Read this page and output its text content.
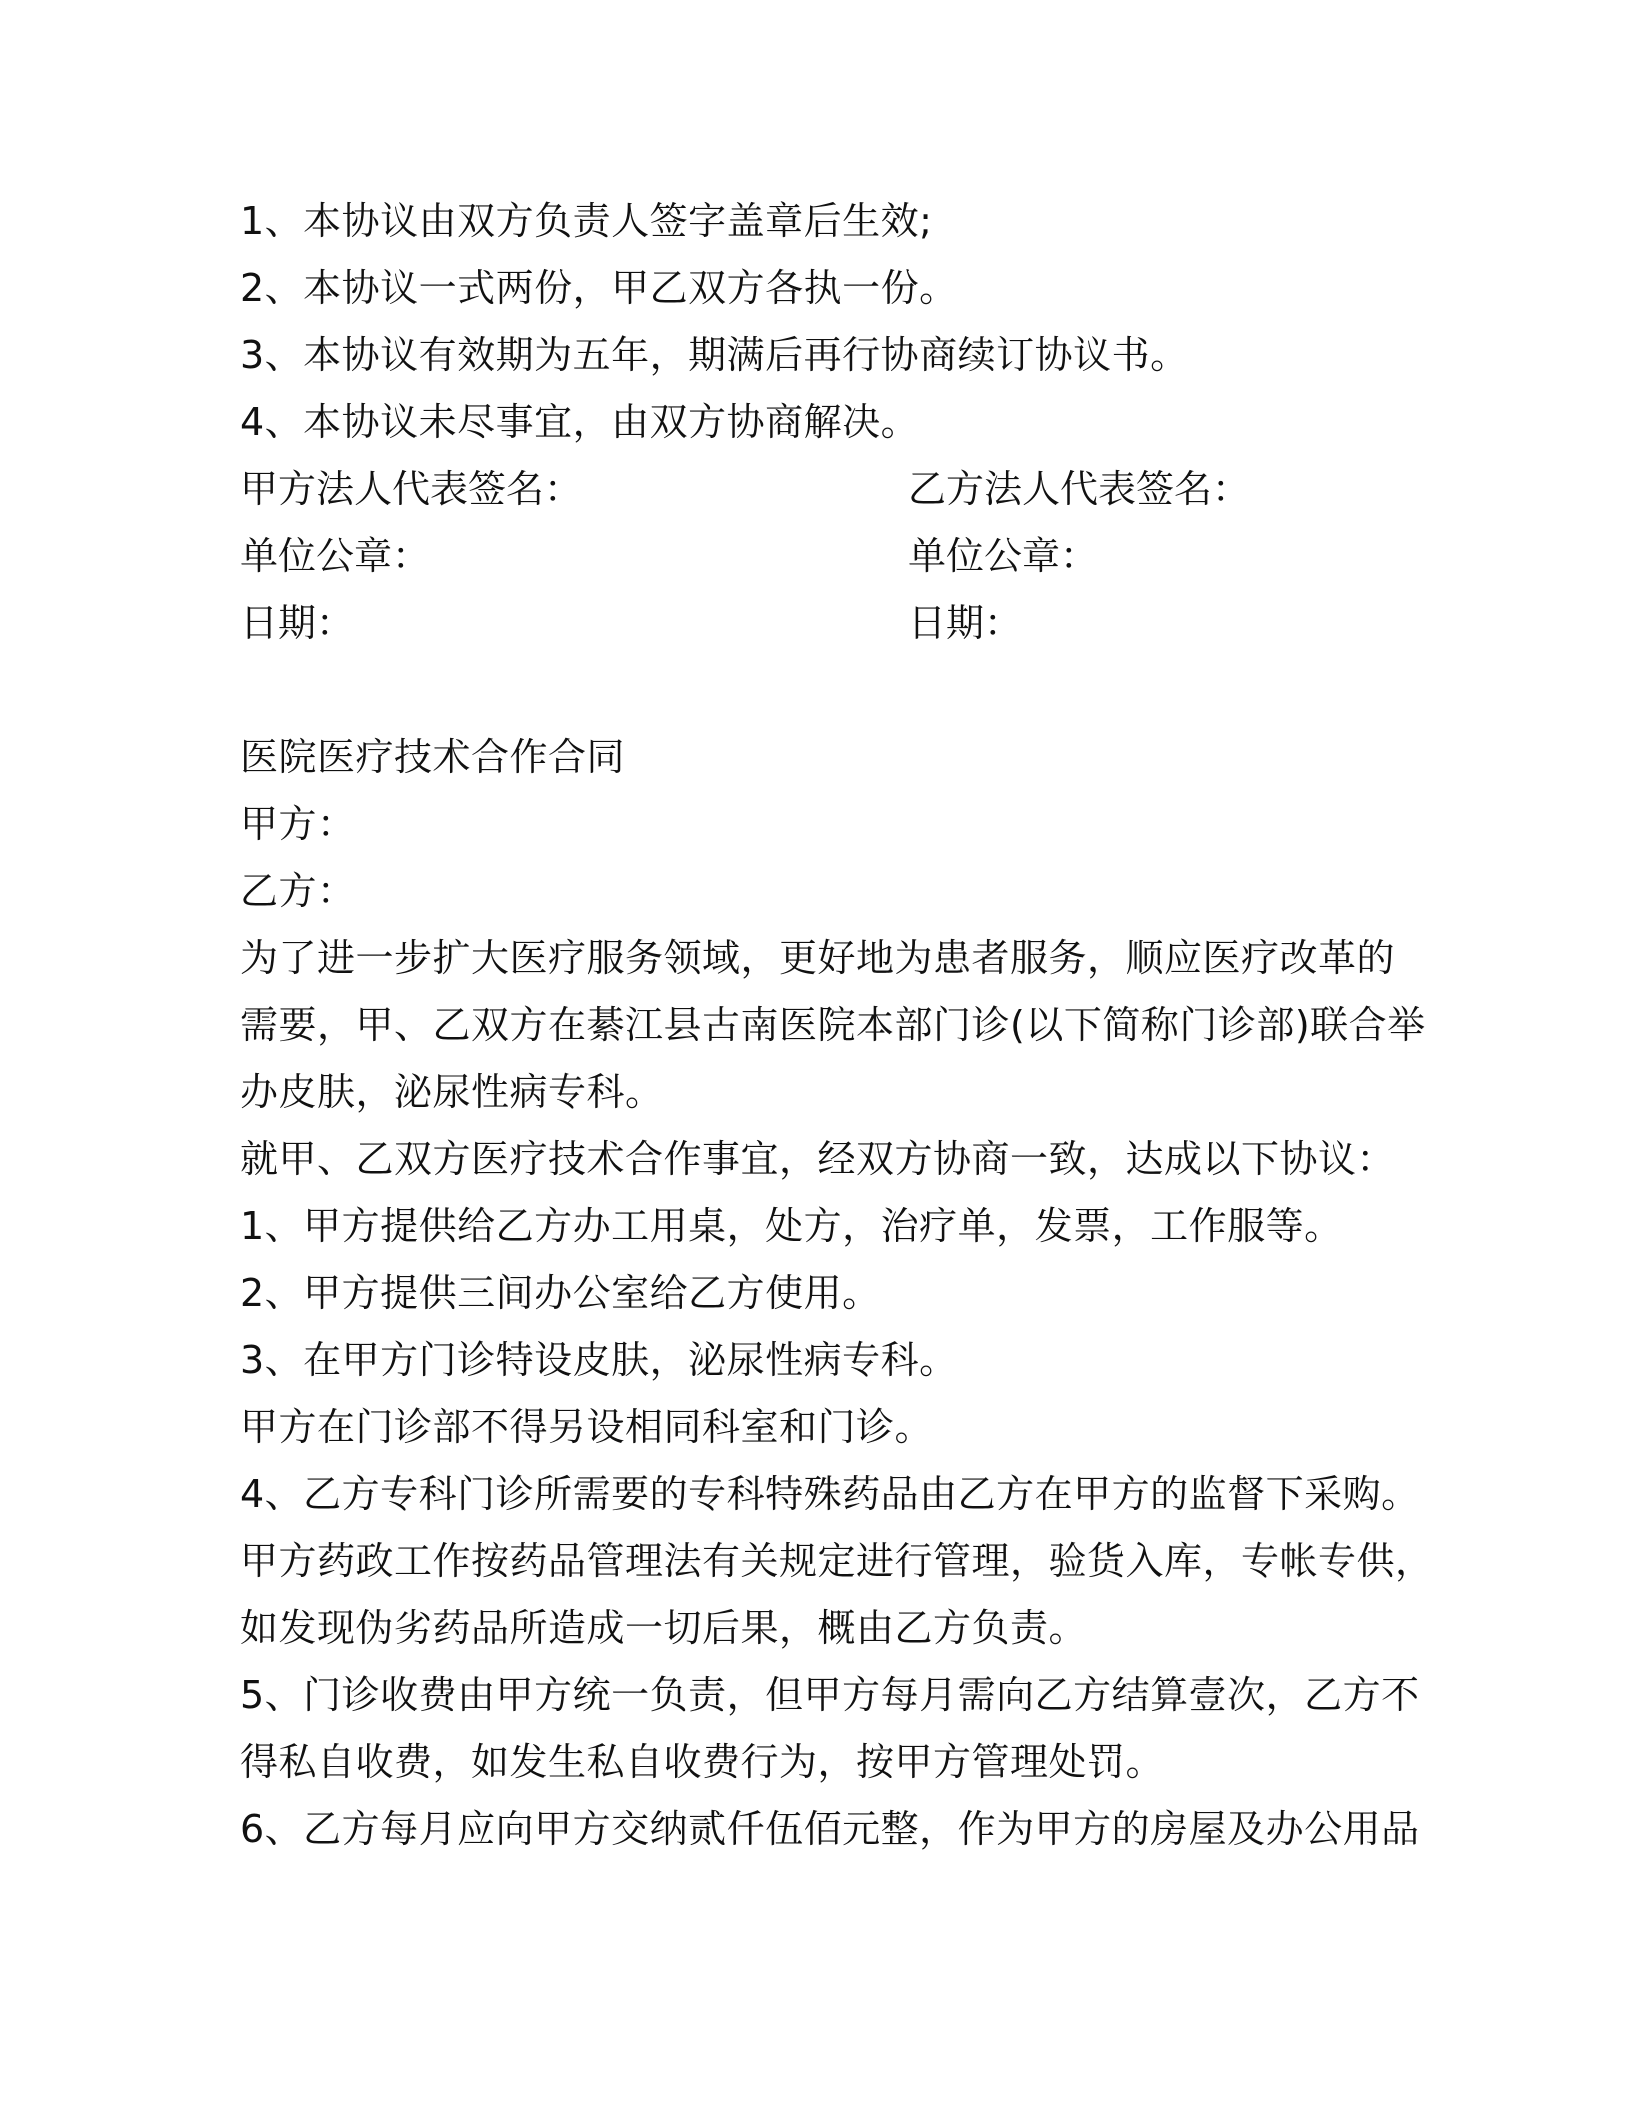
1、本协议由双方负责人签字盖章后生效;
2、本协议一式两份，甲乙双方各执一份。
3、本协议有效期为五年，期满后再行协商续订协议书。
4、本协议未尽事宜，由双方协商解决。
甲方法人代表签名：	乙方法人代表签名：
单位公章：	单位公章：
日期：	日期：
医院医疗技术合作合同
甲方：
乙方：
为了进一步扩大医疗服务领域，更好地为患者服务，顺应医疗改革的
需要，甲、乙双方在綦江县古南医院本部门诊(以下简称门诊部)联合举
办皮肤，泌尿性病专科。
就甲、乙双方医疗技术合作事宜，经双方协商一致，达成以下协议：
1、甲方提供给乙方办工用桌，处方，治疗单，发票，工作服等。
2、甲方提供三间办公室给乙方使用。
3、在甲方门诊特设皮肤，泌尿性病专科。
甲方在门诊部不得另设相同科室和门诊。
4、乙方专科门诊所需要的专科特殊药品由乙方在甲方的监督下采购。
甲方药政工作按药品管理法有关规定进行管理，验货入库，专帐专供，
如发现伪劣药品所造成一切后果，概由乙方负责。
5、门诊收费由甲方统一负责，但甲方每月需向乙方结算壹次，乙方不
得私自收费，如发生私自收费行为，按甲方管理处罚。
6、乙方每月应向甲方交纳贰仟伍佰元整，作为甲方的房屋及办公用品
